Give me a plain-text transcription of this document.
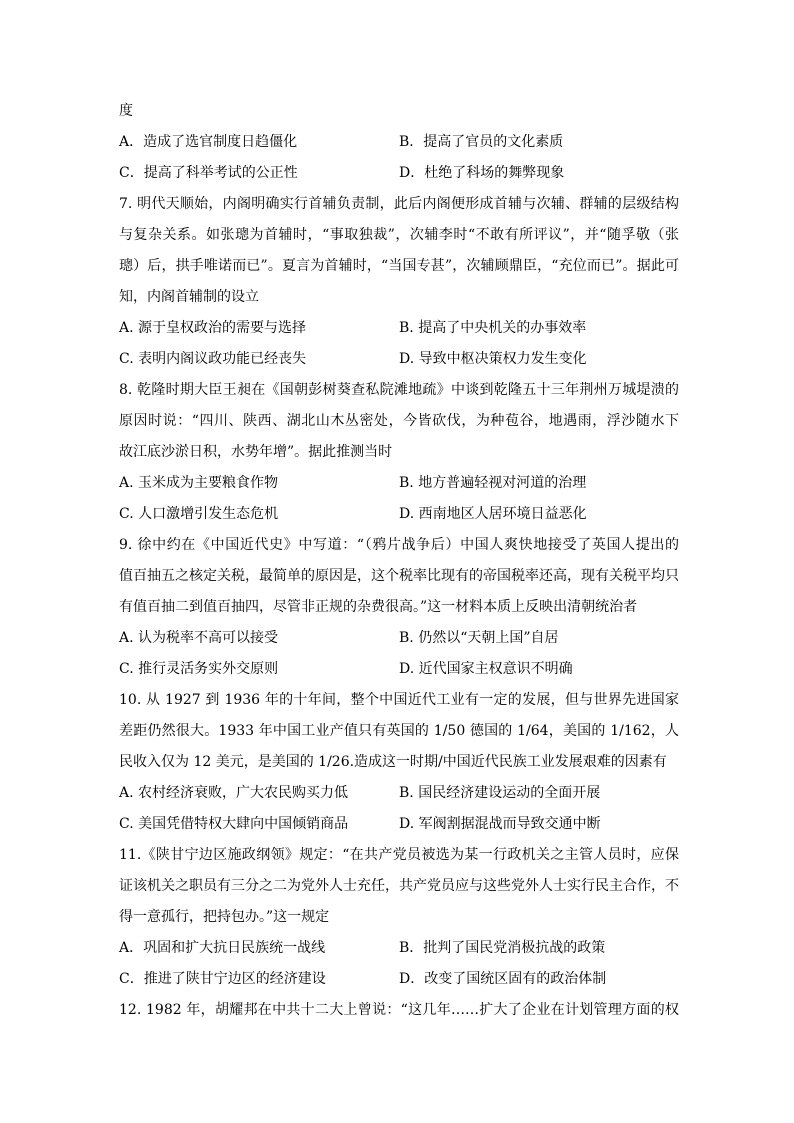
度

A．造成了选官制度日趋僵化	B．提高了官员的文化素质
C．提高了科举考试的公正性	D．杜绝了科场的舞弊现象

7. 明代天顺始，内阁明确实行首辅负责制，此后内阁便形成首辅与次辅、群辅的层级结构

与复杂关系。如张璁为首辅时，“事取独裁”，次辅李时“不敢有所评议”，并“随孚敬（张

璁）后，拱手唯诺而已”。夏言为首辅时，“当国专甚”，次辅顾鼎臣，“充位而已”。据此可

知，内阁首辅制的设立

A. 源于皇权政治的需要与选择	B. 提高了中央机关的办事效率
C. 表明内阁议政功能已经丧失	D. 导致中枢决策权力发生变化

8. 乾隆时期大臣王昶在《国朝彭树葵查私院滩地疏》中谈到乾隆五十三年荆州万城堤溃的

原因时说：“四川、陕西、湖北山木丛密处，今皆砍伐，为种苞谷，地遇雨，浮沙随水下

故江底沙淤日积，水势年增”。据此推测当时

A. 玉米成为主要粮食作物	B. 地方普遍轻视对河道的治理
C. 人口激增引发生态危机	D. 西南地区人居环境日益恶化

9. 徐中约在《中国近代史》中写道：“（鸦片战争后）中国人爽快地接受了英国人提出的

值百抽五之核定关税，最简单的原因是，这个税率比现有的帝国税率还高，现有关税平均只

有值百抽二到值百抽四，尽管非正规的杂费很高。”这一材料本质上反映出清朝统治者

A. 认为税率不高可以接受	B. 仍然以“天朝上国”自居
C. 推行灵活务实外交原则	D. 近代国家主权意识不明确

10. 从 1927 到 1936 年的十年间，整个中国近代工业有一定的发展，但与世界先进国家

差距仍然很大。1933 年中国工业产值只有英国的 1/50 德国的 1/64，美国的 1/162，人

民收入仅为 12 美元，是美国的 1/26.造成这一时期/中国近代民族工业发展艰难的因素有

A. 农村经济衰败，广大农民购买力低	B. 国民经济建设运动的全面开展
C. 美国凭借特权大肆向中国倾销商品	D. 军阀割据混战而导致交通中断

11.《陕甘宁边区施政纲领》规定：“在共产党员被选为某一行政机关之主管人员时，应保

证该机关之职员有三分之二为党外人士充任，共产党员应与这些党外人士实行民主合作，不

得一意孤行，把持包办。”这一规定

A．巩固和扩大抗日民族统一战线	B．批判了国民党消极抗战的政策
C．推进了陕甘宁边区的经济建设	D．改变了国统区固有的政治体制

12. 1982 年，胡耀邦在中共十二大上曾说：“这几年……扩大了企业在计划管理方面的权
